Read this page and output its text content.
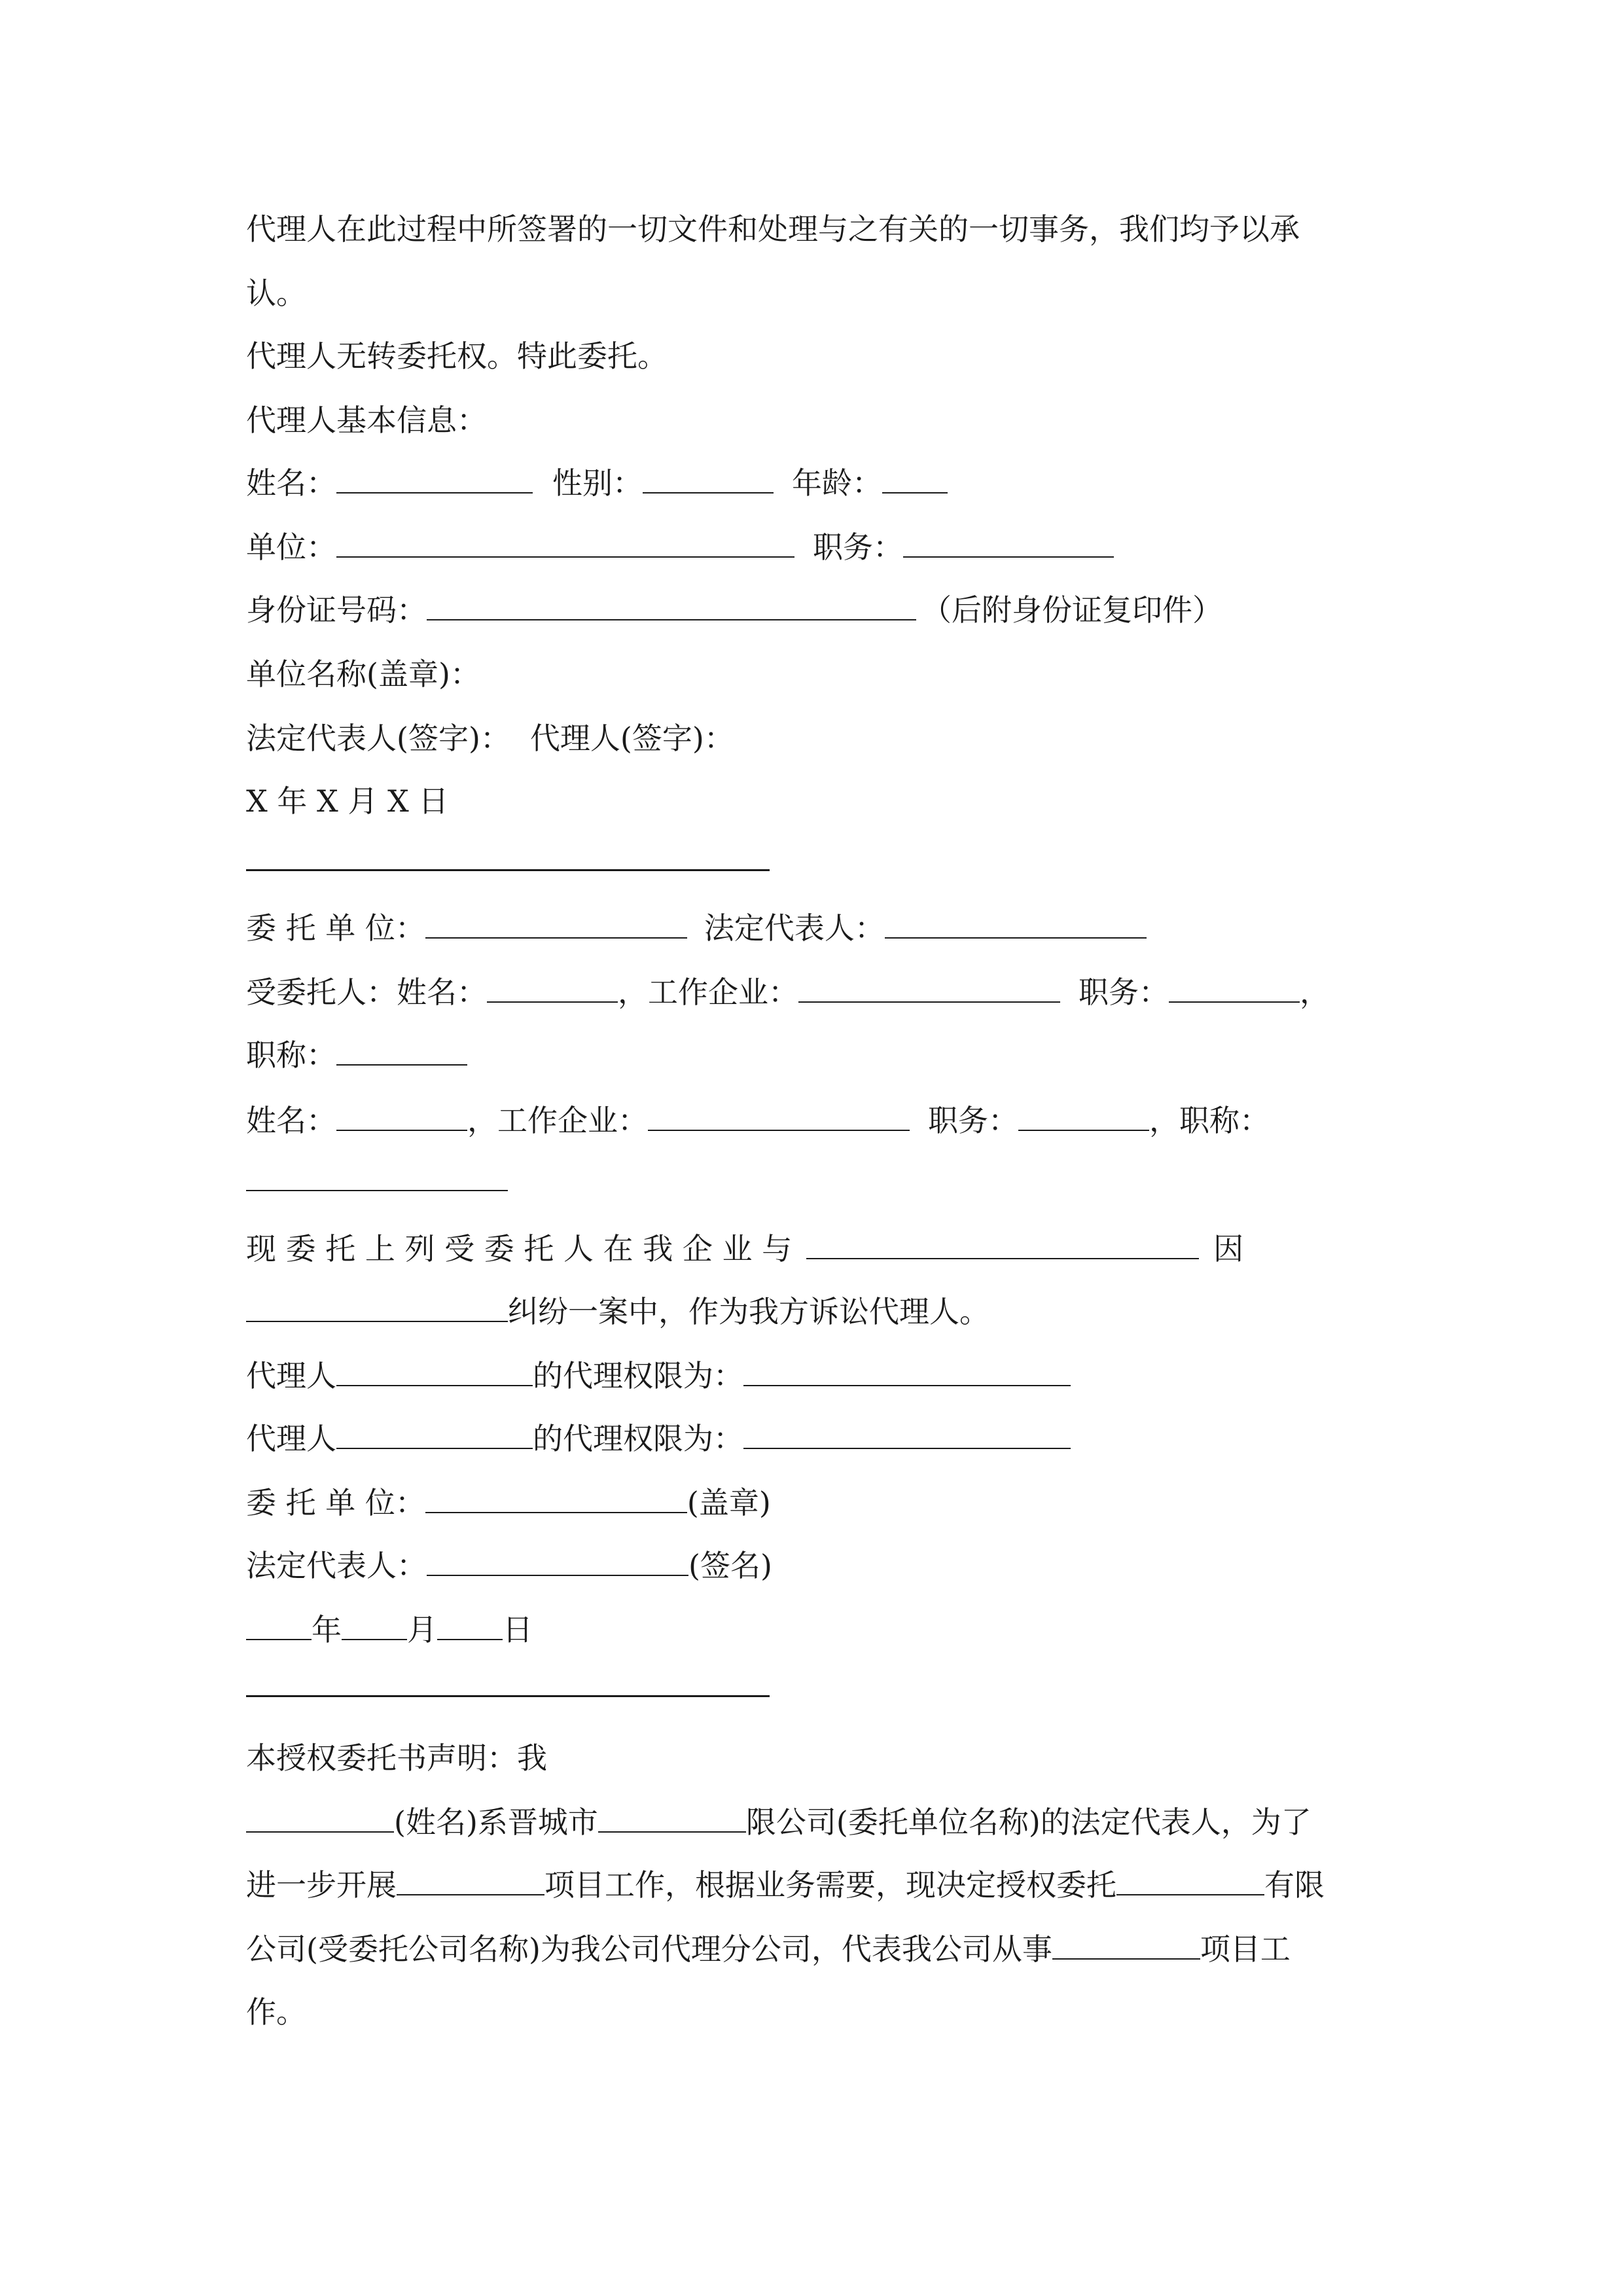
代理人在此过程中所签署的一切文件和处理与之有关的一切事务，我们均予以承
认。
代理人无转委托权。特此委托。
代理人基本信息：
姓名：	性别：	年龄：
单位：	职务：
身份证号码：	（后附身份证复印件）
单位名称(盖章)：
法定代表人(签字)： 代理人(签字)：
X 年 X 月 X 日
委 托 单 位：	法定代表人：
受委托人：姓名：	，工作企业：	职务：	，
职称：
姓名：	，工作企业：	职务：	，职称：
现 委 托 上 列 受 委 托 人 在 我 企 业 与	因
纠纷一案中，作为我方诉讼代理人。
代理人	的代理权限为：
代理人	的代理权限为：
委 托 单 位：	(盖章)
法定代表人：	(签名)
年 月 日
本授权委托书声明：我
(姓名)系晋城市	限公司(委托单位名称)的法定代表人，为了
进一步开展	项目工作，根据业务需要，现决定授权委托	有限
公司(受委托公司名称)为我公司代理分公司，代表我公司从事	项目工
作。
